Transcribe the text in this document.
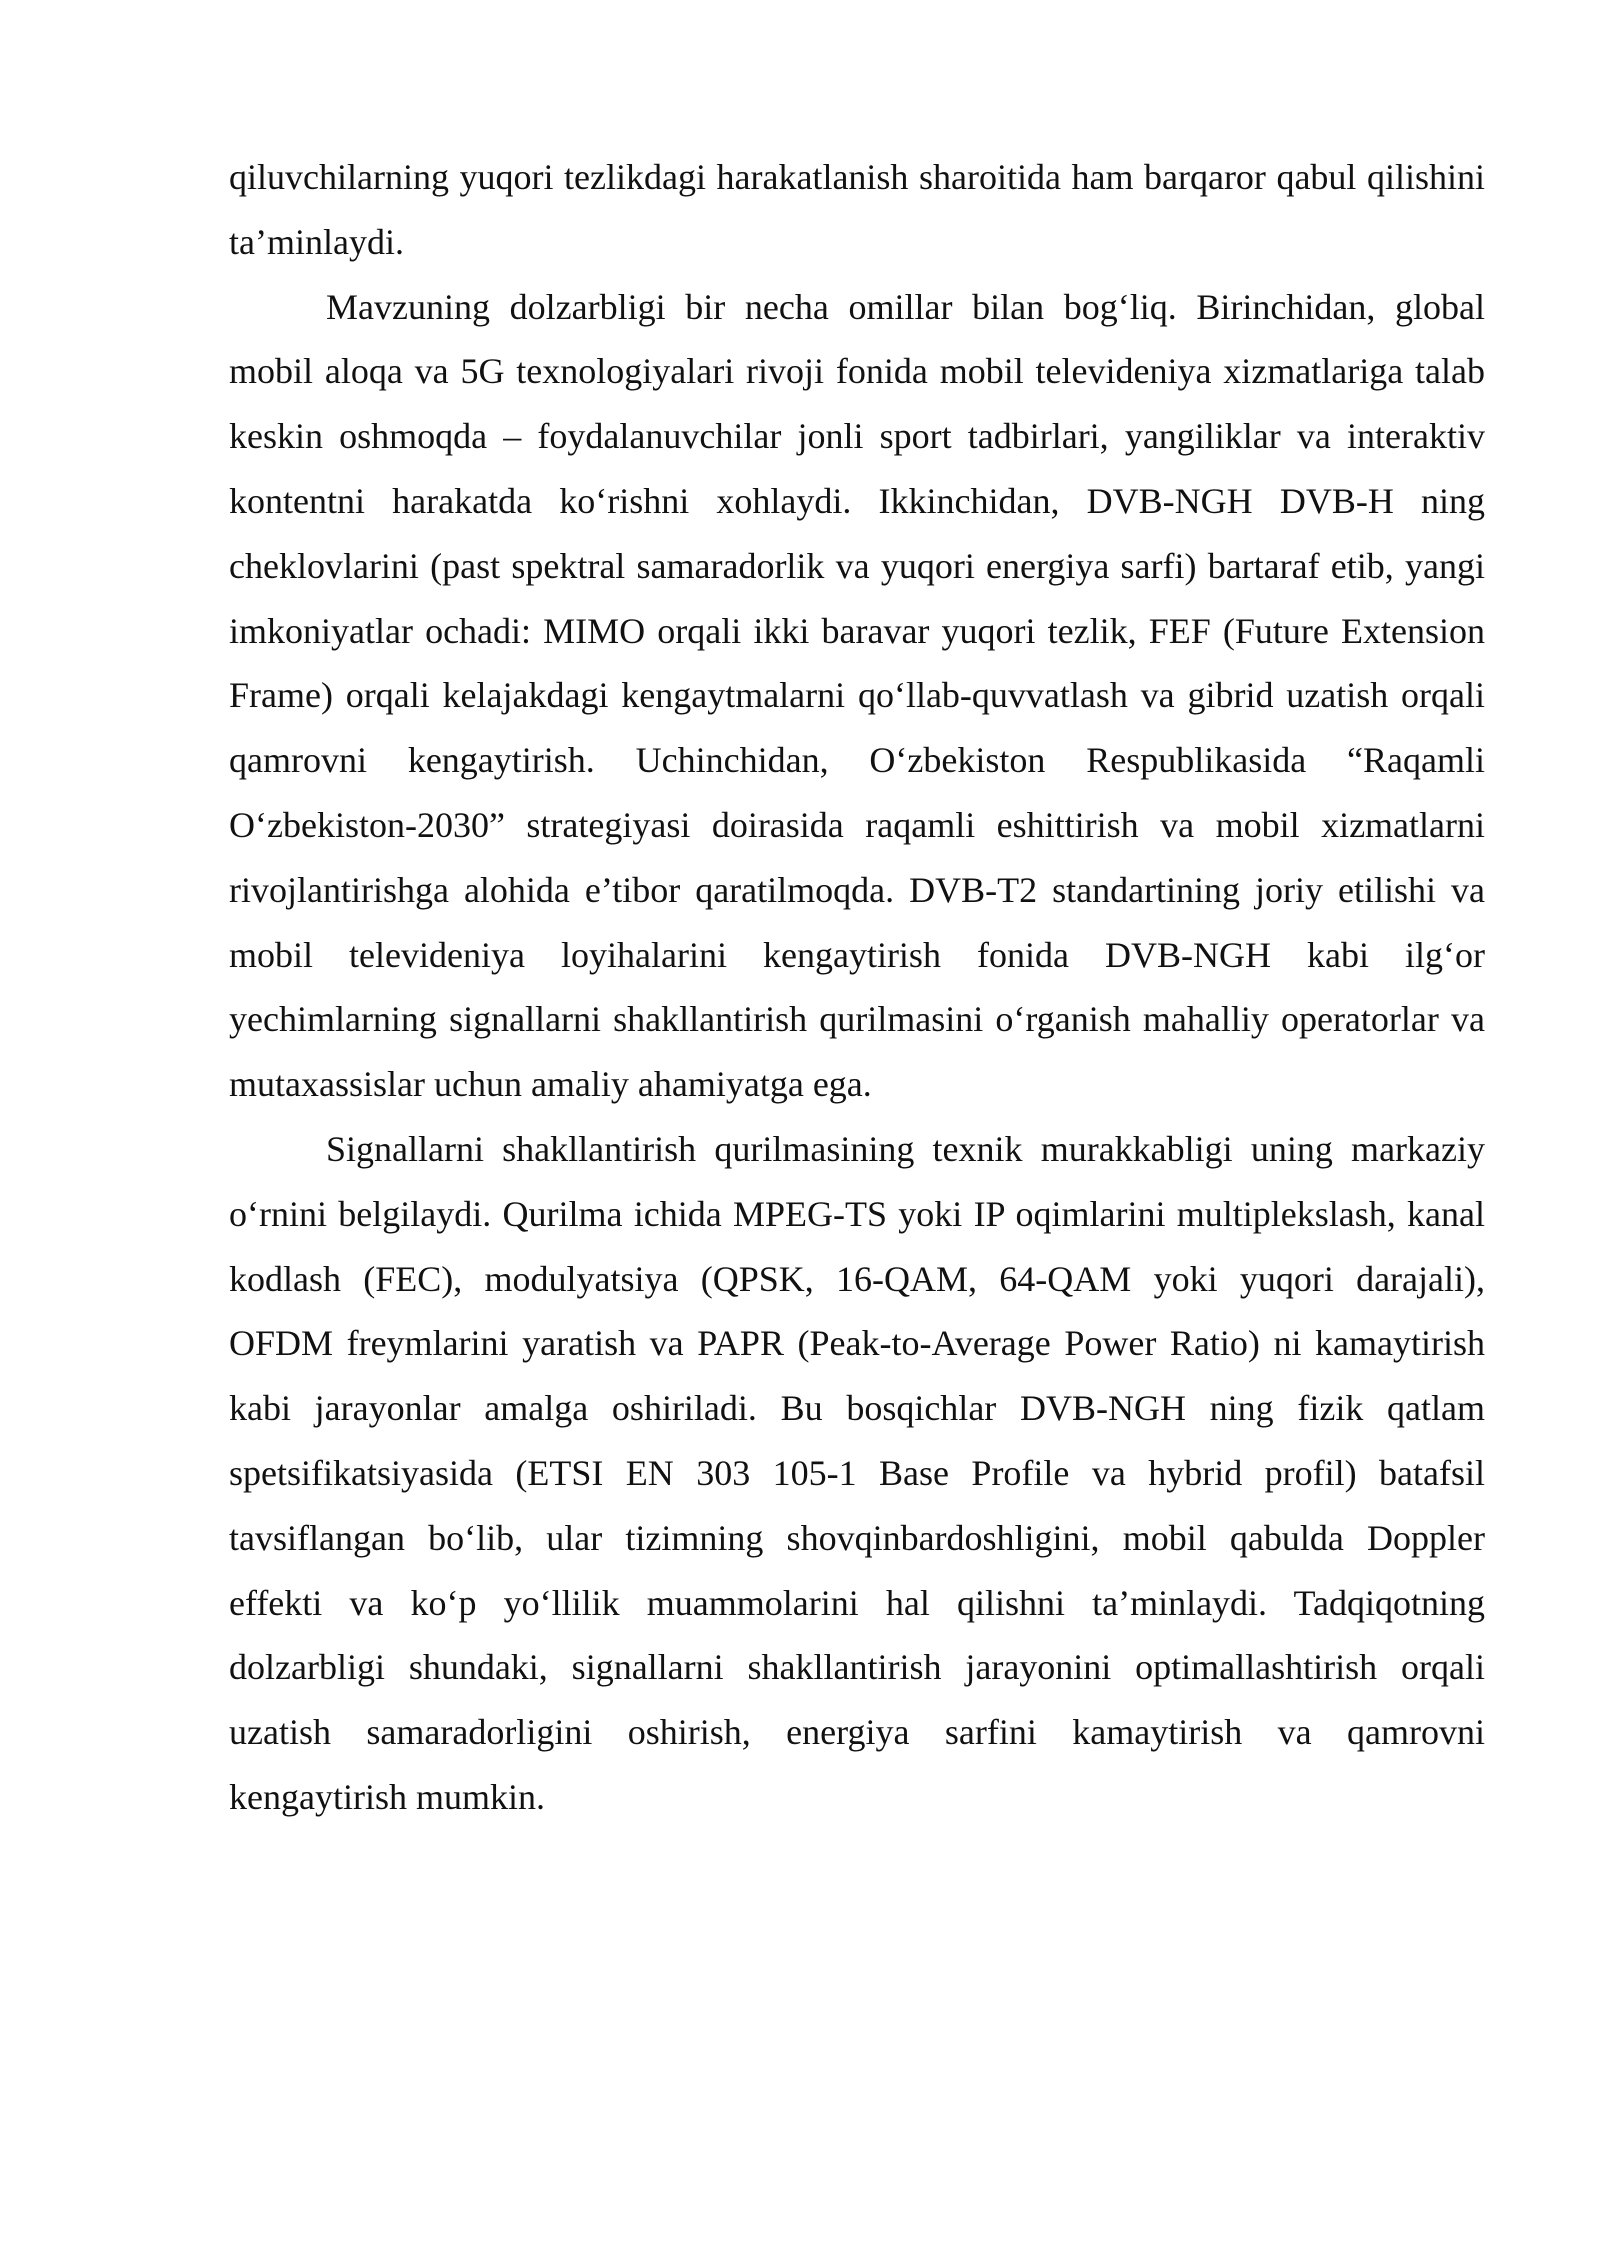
qiluvchilarning yuqori tezlikdagi harakatlanish sharoitida ham barqaror qabul qilishini ta’minlaydi.

Mavzuning dolzarbligi bir necha omillar bilan bog‘liq. Birinchidan, global mobil aloqa va 5G texnologiyalari rivoji fonida mobil televideniya xizmatlariga talab keskin oshmoqda – foydalanuvchilar jonli sport tadbirlari, yangiliklar va interaktiv kontentni harakatda ko‘rishni xohlaydi. Ikkinchidan, DVB-NGH DVB-H ning cheklovlarini (past spektral samaradorlik va yuqori energiya sarfi) bartaraf etib, yangi imkoniyatlar ochadi: MIMO orqali ikki baravar yuqori tezlik, FEF (Future Extension Frame) orqali kelajakdagi kengaytmalarni qo‘llab-quvvatlash va gibrid uzatish orqali qamrovni kengaytirish. Uchinchidan, O‘zbekiston Respublikasida “Raqamli O‘zbekiston-2030” strategiyasi doirasida raqamli eshittirish va mobil xizmatlarni rivojlantirishga alohida e’tibor qaratilmoqda. DVB-T2 standartining joriy etilishi va mobil televideniya loyihalarini kengaytirish fonida DVB-NGH kabi ilg‘or yechimlarning signallarni shakllantirish qurilmasini o‘rganish mahalliy operatorlar va mutaxassislar uchun amaliy ahamiyatga ega.

Signallarni shakllantirish qurilmasining texnik murakkabligi uning markaziy o‘rnini belgilaydi. Qurilma ichida MPEG-TS yoki IP oqimlarini multiplekslash, kanal kodlash (FEC), modulyatsiya (QPSK, 16-QAM, 64-QAM yoki yuqori darajali), OFDM freymlarini yaratish va PAPR (Peak-to-Average Power Ratio) ni kamaytirish kabi jarayonlar amalga oshiriladi. Bu bosqichlar DVB-NGH ning fizik qatlam spetsifikatsiyasida (ETSI EN 303 105-1 Base Profile va hybrid profil) batafsil tavsiflangan bo‘lib, ular tizimning shovqinbardoshligini, mobil qabulda Doppler effekti va ko‘p yo‘llilik muammolarini hal qilishni ta’minlaydi. Tadqiqotning dolzarbligi shundaki, signallarni shakllantirish jarayonini optimallashtirish orqali uzatish samaradorligini oshirish, energiya sarfini kamaytirish va qamrovni kengaytirish mumkin.
